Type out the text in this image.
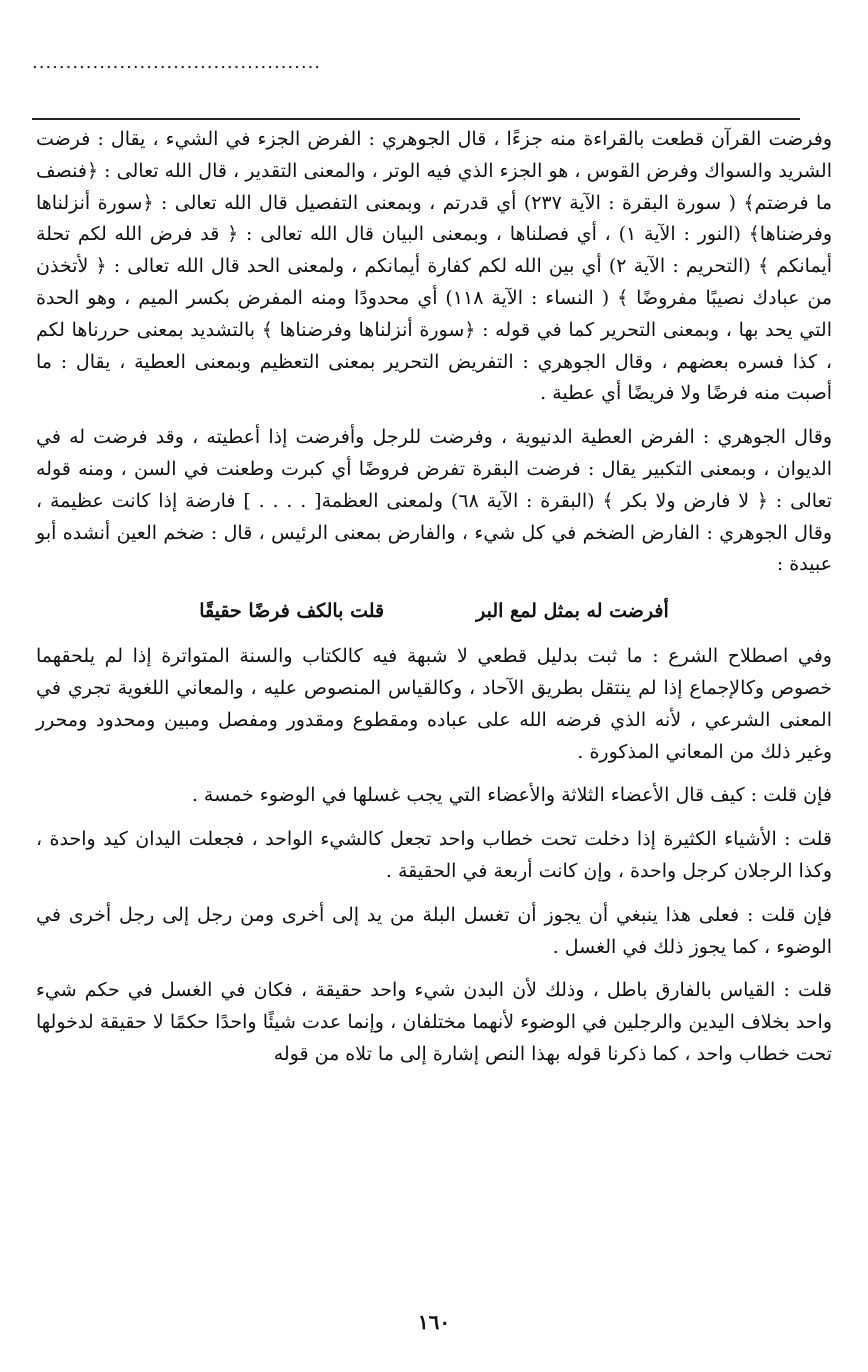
...........................................

وفرضت القرآن قطعت بالقراءة منه جزءًا ، قال الجوهري : الفرض الجزء في الشيء ، يقال : فرضت الشريد والسواك وفرض القوس ، هو الجزء الذي فيه الوتر ، والمعنى التقدير ، قال الله تعالى : ﴿فنصف ما فرضتم﴾ ( سورة البقرة : الآية ٢٣٧) أي قدرتم ، وبمعنى التفصيل قال الله تعالى : ﴿سورة أنزلناها وفرضناها﴾ (النور : الآية ١) ، أي فصلناها ، وبمعنى البيان قال الله تعالى : ﴿ قد فرض الله لكم تحلة أيمانكم ﴾ (التحريم : الآية ٢) أي بين الله لكم كفارة أيمانكم ، ولمعنى الحد قال الله تعالى : ﴿ لأتخذن من عبادك نصيبًا مفروضًا ﴾ ( النساء : الآية ١١٨) أي محدودًا ومنه المفرض بكسر الميم ، وهو الحدة التي يحد بها ، وبمعنى التحرير كما في قوله : ﴿سورة أنزلناها وفرضناها ﴾ بالتشديد بمعنى حررناها لكم ، كذا فسره بعضهم ، وقال الجوهري : التفريض التحرير بمعنى التعظيم وبمعنى العطية ، يقال : ما أصبت منه فرضًا ولا فريضًا أي عطية .

وقال الجوهري : الفرض العطية الدنيوية ، وفرضت للرجل وأفرضت إذا أعطيته ، وقد فرضت له في الديوان ، وبمعنى التكبير يقال : فرضت البقرة تفرض فروضًا أي كبرت وطعنت في السن ، ومنه قوله تعالى : ﴿ لا فارض ولا بكر ﴾ (البقرة : الآية ٦٨) ولمعنى العظمة[ . . . . ] فارضة إذا كانت عظيمة ، وقال الجوهري : الفارض الضخم في كل شيء ، والفارض بمعنى الرئيس ، قال : ضخم العين أنشده أبو عبيدة :

أفرضت له بمثل لمع البر
قلت بالكف فرضًا حقيقًا

وفي اصطلاح الشرع : ما ثبت بدليل قطعي لا شبهة فيه كالكتاب والسنة المتواترة إذا لم يلحقهما خصوص وكالإجماع إذا لم ينتقل بطريق الآحاد ، وكالقياس المنصوص عليه ، والمعاني اللغوية تجري في المعنى الشرعي ، لأنه الذي فرضه الله على عباده ومقطوع ومقدور ومفصل ومبين ومحدود ومحرر وغير ذلك من المعاني المذكورة .

فإن قلت : كيف قال الأعضاء الثلاثة والأعضاء التي يجب غسلها في الوضوء خمسة .

قلت : الأشياء الكثيرة إذا دخلت تحت خطاب واحد تجعل كالشيء الواحد ، فجعلت اليدان كيد واحدة ، وكذا الرجلان كرجل واحدة ، وإن كانت أربعة في الحقيقة .

فإن قلت : فعلى هذا ينبغي أن يجوز أن تغسل البلة من يد إلى أخرى ومن رجل إلى رجل أخرى في الوضوء ، كما يجوز ذلك في الغسل .

قلت : القياس بالفارق باطل ، وذلك لأن البدن شيء واحد حقيقة ، فكان في الغسل في حكم شيء واحد بخلاف اليدين والرجلين في الوضوء لأنهما مختلفان ، وإنما عدت شيئًا واحدًا حكمًا لا حقيقة لدخولها تحت خطاب واحد ، كما ذكرنا قوله بهذا النص إشارة إلى ما تلاه من قوله

١٦٠
